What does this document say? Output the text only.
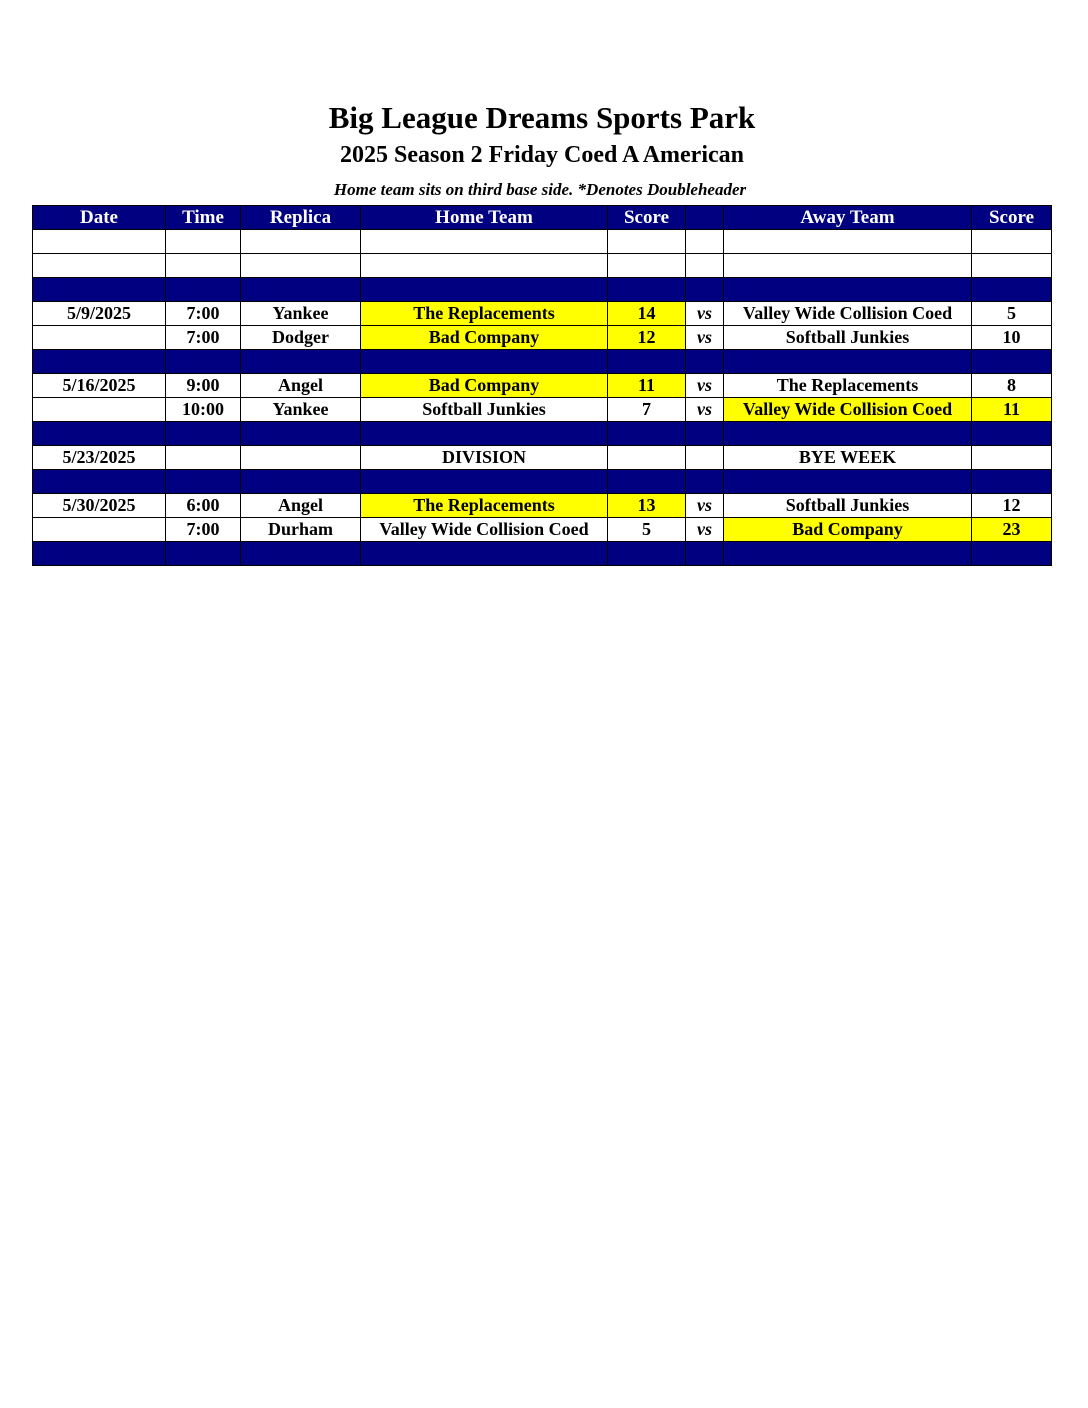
Big League Dreams Sports Park
2025 Season 2 Friday Coed A American
Home team sits on third base side. *Denotes Doubleheader
Date	Time	Replica	Home Team	Score		Away Team	Score

5/9/2025	7:00	Yankee	The Replacements	14	vs	Valley Wide Collision Coed	5
	7:00	Dodger	Bad Company	12	vs	Softball Junkies	10

5/16/2025	9:00	Angel	Bad Company	11	vs	The Replacements	8
	10:00	Yankee	Softball Junkies	7	vs	Valley Wide Collision Coed	11

5/23/2025			DIVISION			BYE WEEK	

5/30/2025	6:00	Angel	The Replacements	13	vs	Softball Junkies	12
	7:00	Durham	Valley Wide Collision Coed	5	vs	Bad Company	23
